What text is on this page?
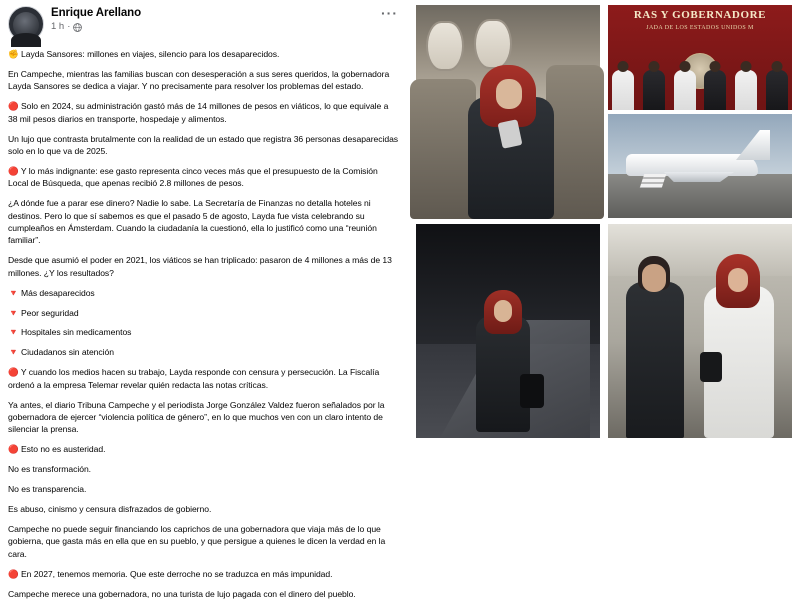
Enrique Arellano
1 h ·
···

✊ Layda Sansores: millones en viajes, silencio para los desaparecidos.

En Campeche, mientras las familias buscan con desesperación a sus seres queridos, la gobernadora Layda Sansores se dedica a viajar. Y no precisamente para resolver los problemas del estado.

🔴 Solo en 2024, su administración gastó más de 14 millones de pesos en viáticos, lo que equivale a 38 mil pesos diarios en transporte, hospedaje y alimentos.

Un lujo que contrasta brutalmente con la realidad de un estado que registra 36 personas desaparecidas solo en lo que va de 2025.

🔴 Y lo más indignante: ese gasto representa cinco veces más que el presupuesto de la Comisión Local de Búsqueda, que apenas recibió 2.8 millones de pesos.

¿A dónde fue a parar ese dinero? Nadie lo sabe. La Secretaría de Finanzas no detalla hoteles ni destinos. Pero lo que sí sabemos es que el pasado 5 de agosto, Layda fue vista celebrando su cumpleaños en Ámsterdam. Cuando la ciudadanía la cuestionó, ella lo justificó como una “reunión familiar”.

Desde que asumió el poder en 2021, los viáticos se han triplicado: pasaron de 4 millones a más de 13 millones. ¿Y los resultados?

🔻 Más desaparecidos

🔻 Peor seguridad

🔻 Hospitales sin medicamentos

🔻 Ciudadanos sin atención

🔴 Y cuando los medios hacen su trabajo, Layda responde con censura y persecución. La Fiscalía ordenó a la empresa Telemar revelar quién redacta las notas críticas.

Ya antes, el diario Tribuna Campeche y el periodista Jorge González Valdez fueron señalados por la gobernadora de ejercer “violencia política de género”, en lo que muchos ven con un claro intento de silenciar la prensa.

🔴 Esto no es austeridad.

No es transformación.

No es transparencia.

Es abuso, cinismo y censura disfrazados de gobierno.

Campeche no puede seguir financiando los caprichos de una gobernadora que viaja más de lo que gobierna, que gasta más en ella que en su pueblo, y que persigue a quienes le dicen la verdad en la cara.

🔴 En 2027, tenemos memoria. Que este derroche no se traduzca en más impunidad.

Campeche merece una gobernadora, no una turista de lujo pagada con el dinero del pueblo.

RAS Y GOBERNADORE
JADA DE LOS ESTADOS UNIDOS M
